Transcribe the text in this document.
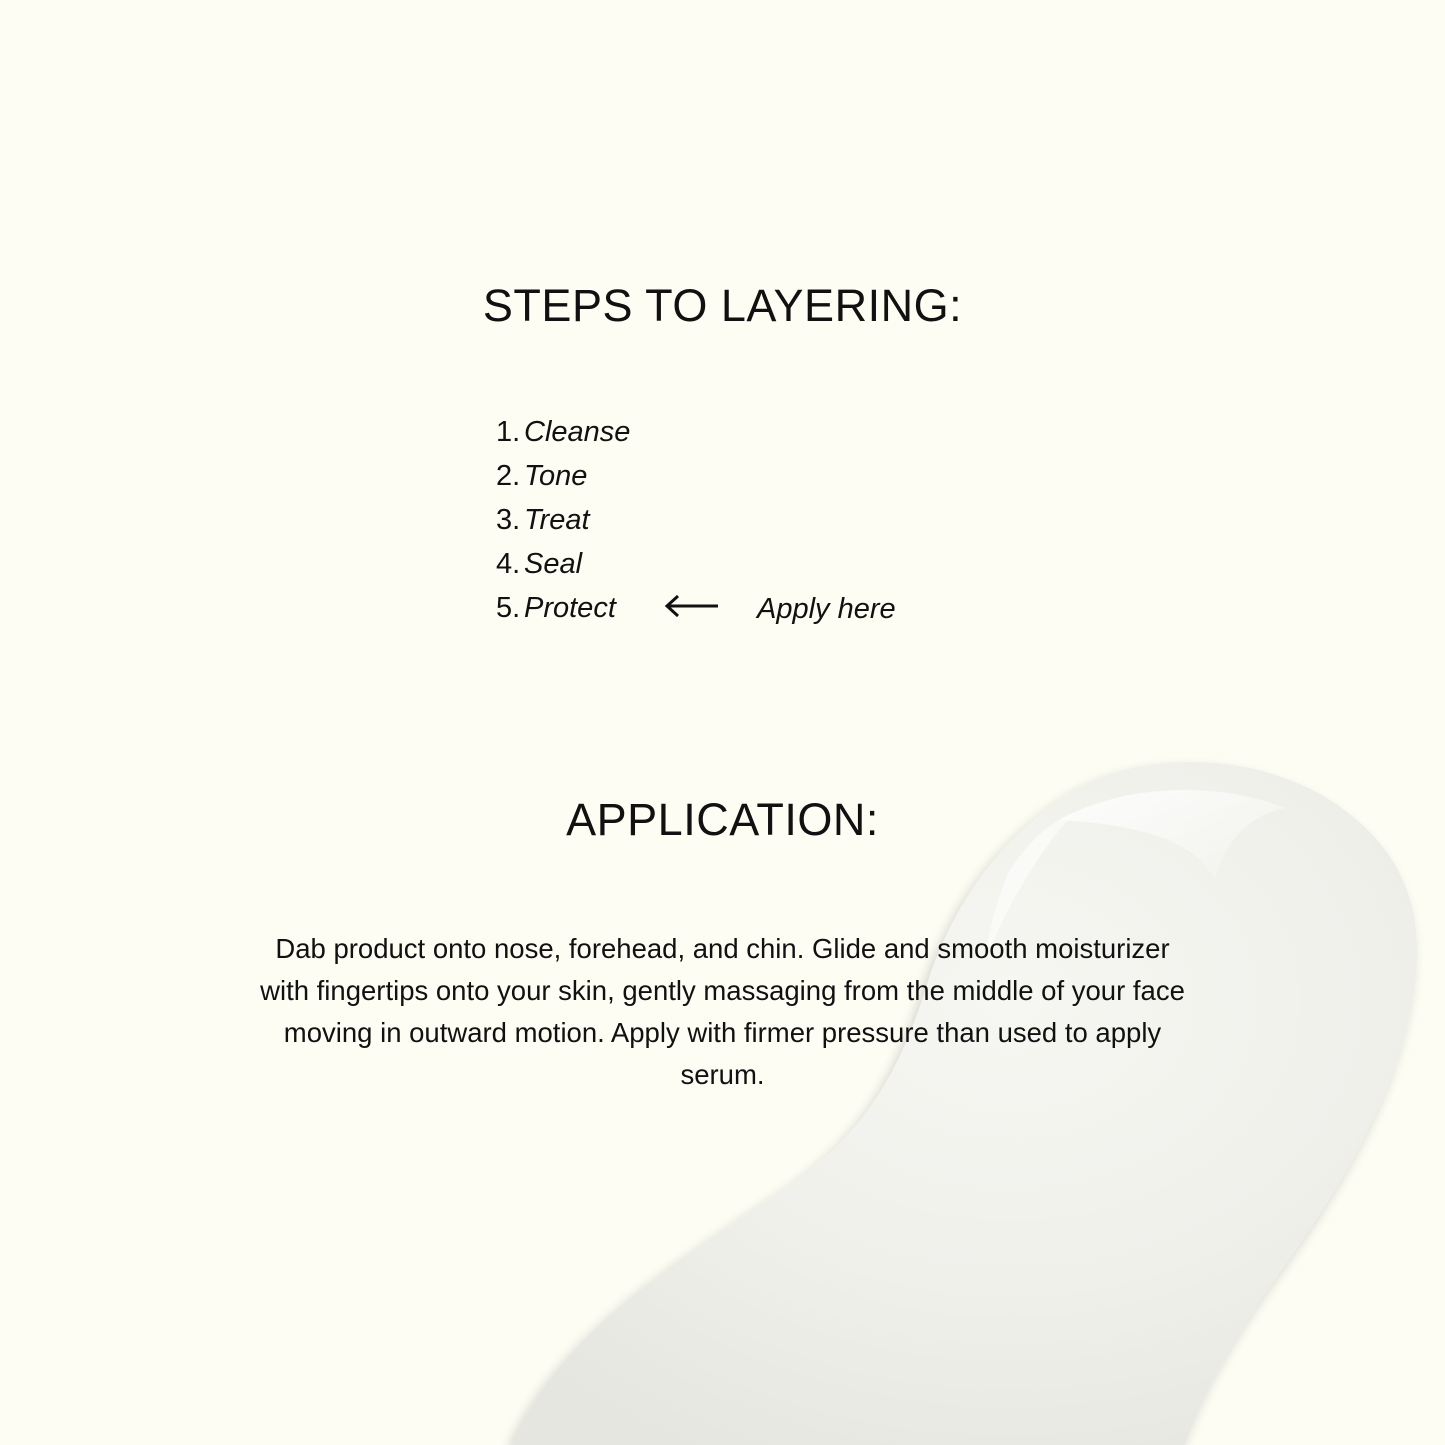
STEPS TO LAYERING:
1. Cleanse
2. Tone
3. Treat
4. Seal
5. Protect	Apply here
APPLICATION:

Dab product onto nose, forehead, and chin. Glide and smooth moisturizer with fingertips onto your skin, gently massaging from the middle of your face moving in outward motion. Apply with firmer pressure than used to apply serum.
